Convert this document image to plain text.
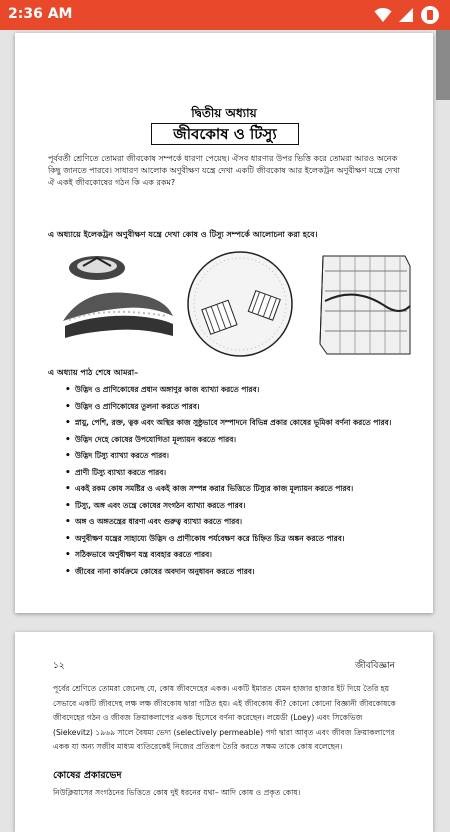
2:36 AM
দ্বিতীয় অধ্যায়
জীবকোষ ও টিস্যু
পূর্ববর্তী শ্রেণিতে তোমরা জীবকোষ সম্পর্কে ধারণা পেয়েছ। ঐসব ধারণার উপর ভিত্তি করে তোমরা আরও অনেক কিছু জানতে পারবে। সাধারণ আলোক অণুবীক্ষণ যন্ত্রে দেখা একটি জীবকোষ আর ইলেকট্রন অণুবীক্ষণ যন্ত্রে দেখা ঐ একই জীবকোষের গঠন কি এক রকম?
এ অধ্যায়ে ইলেকট্রন অণুবীক্ষণ যন্ত্রে দেখা কোষ ও টিস্যু সম্পর্কে আলোচনা করা হবে।
এ অধ্যায় পাঠ শেষে আমরা–
• উদ্ভিদ ও প্রাণিকোষের প্রধান অঙ্গাণুর কাজ ব্যাখ্যা করতে পারব।
• উদ্ভিদ ও প্রাণিকোষের তুলনা করতে পারব।
• স্নায়ু, পেশি, রক্ত, ত্বক এবং অস্থির কাজ সুষ্ঠুভাবে সম্পাদনে বিভিন্ন প্রকার কোষের ভূমিকা বর্ণনা করতে পারব।
• উদ্ভিদ দেহে কোষের উপযোগিতা মূল্যায়ন করতে পারব।
• উদ্ভিদ টিস্যু ব্যাখ্যা করতে পারব।
• প্রাণী টিস্যু ব্যাখ্যা করতে পারব।
• একই রকম কোষ সমষ্টির ও একই কাজ সম্পন্ন করার ভিত্তিতে টিস্যুর কাজ মূল্যায়ন করতে পারব।
• টিস্যু, অঙ্গ এবং তন্ত্রে কোষের সংগঠন ব্যাখ্যা করতে পারব।
• অঙ্গ ও অঙ্গতন্ত্রের ধারণা এবং গুরুত্ব ব্যাখ্যা করতে পারব।
• অণুবীক্ষণ যন্ত্রের সাহায্যে উদ্ভিদ ও প্রাণীকোষ পর্যবেক্ষণ করে চিহ্নিত চিত্র অঙ্কন করতে পারব।
• সঠিকভাবে অণুবীক্ষণ যন্ত্র ব্যবহার করতে পারব।
• জীবের নানা কার্যক্রমে কোষের অবদান অনুধাবন করতে পারব।
১২	জীববিজ্ঞান
পূর্বের শ্রেণিতে তোমরা জেনেছ যে, কোষ জীবদেহের একক। একটি ইমারত যেমন হাজার হাজার ইট দিয়ে তৈরি হয় সেভাবে একটি জীবদেহ লক্ষ লক্ষ জীবকোষ দ্বারা গঠিত হয়। এই জীবকোষ কী? কোনো কোনো বিজ্ঞানী জীবকোষকে জীবদেহের গঠন ও জীবজ ক্রিয়াকলাপের একক হিসেবে বর্ণনা করেছেন। লয়েডী (Loey) এবং সিকেভিজ (Siekevitz) ১৯৬৯ সালে বৈষম্য ভেদ্য (selectively permeable) পর্দা দ্বারা আবৃত এবং জীবজ ক্রিয়াকলাপের একক যা অন্য সজীব মাধ্যম ব্যতিরেকেই নিজের প্রতিরূপ তৈরি করতে সক্ষম তাকে কোষ বলেছেন।
কোষের প্রকারভেদ
নিউক্লিয়াসের সংগঠনের ভিত্তিতে কোষ দুই ধরনের যথা– আদি কোষ ও প্রকৃত কোষ।
